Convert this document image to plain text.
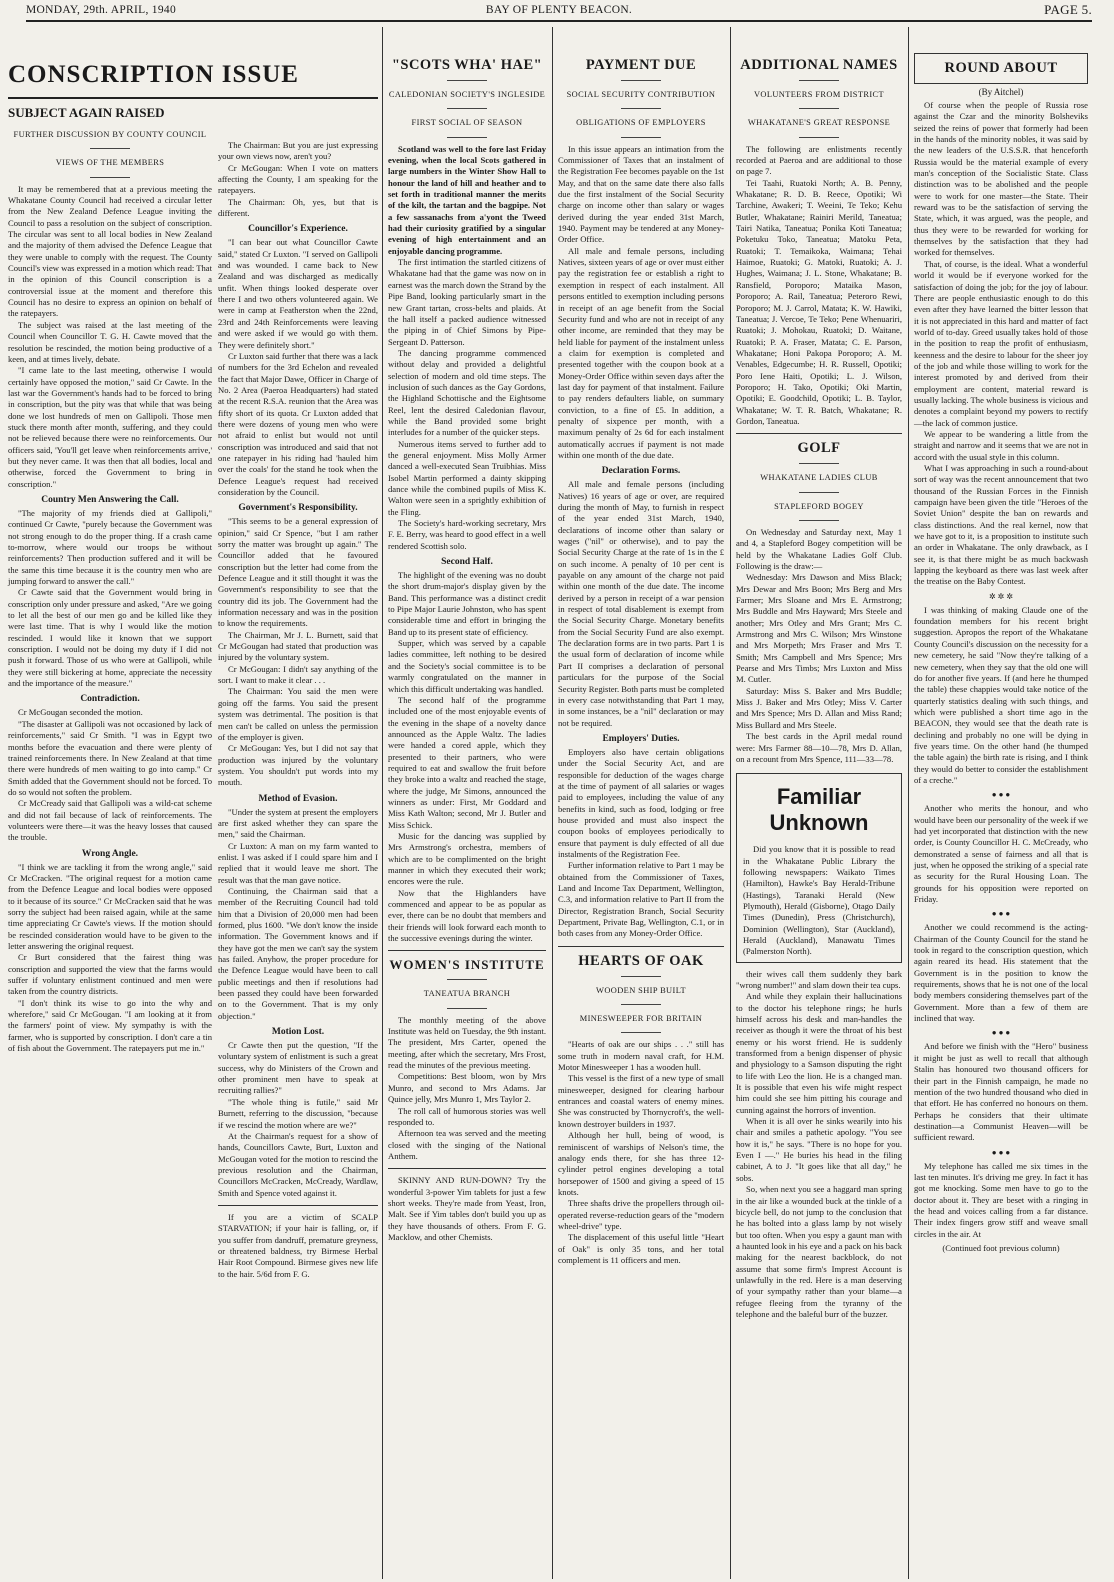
MONDAY, 29th. APRIL, 1940	BAY OF PLENTY BEACON.	PAGE 5.
CONSCRIPTION ISSUE
SUBJECT AGAIN RAISED
FURTHER DISCUSSION BY COUNTY COUNCIL
VIEWS OF THE MEMBERS

It may be remembered that at a previous meeting the Whakatane County Council had received a circular letter from the New Zealand Defence League inviting the Council to pass a resolution on the subject of conscription. The circular was sent to all local bodies in New Zealand and the majority of them advised the Defence League that they were unable to comply with the request. The County Council's view was expressed in a motion which read: That in the opinion of this Council conscription is a controversial issue at the moment and therefore this Council has no desire to express an opinion on behalf of the ratepayers.

The subject was raised at the last meeting of the Council when Councillor T. G. H. Cawte moved that the resolution be rescinded, the motion being productive of a keen, and at times lively, debate.

"I came late to the last meeting, otherwise I would certainly have opposed the motion," said Cr Cawte. In the last war the Government's hands had to be forced to bring in conscription, but the pity was that while that was being done we lost hundreds of men on Gallipoli. Those men stuck there month after month, suffering, and they could not be relieved because there were no reinforcements. Our officers said, 'You'll get leave when reinforcements arrive,' but they never came. It was then that all bodies, local and otherwise, forced the Government to bring in conscription."

Country Men Answering the Call.

"The majority of my friends died at Gallipoli," continued Cr Cawte, "purely because the Government was not strong enough to do the proper thing. If a crash came to-morrow, where would our troops be without reinforcements? Then production suffered and it will be the same this time because it is the country men who are jumping forward to answer the call."

Cr Cawte said that the Government would bring in conscription only under pressure and asked, "Are we going to let all the best of our men go and be killed like they were last time. That is why I would like the motion rescinded. I would like it known that we support conscription. I would not be doing my duty if I did not push it forward. Those of us who were at Gallipoli, while they were still bickering at home, appreciate the necessity and the importance of the measure."

Contradiction.

Cr McGougan seconded the motion.

"The disaster at Gallipoli was not occasioned by lack of reinforcements," said Cr Smith. "I was in Egypt two months before the evacuation and there were plenty of trained reinforcements there. In New Zealand at that time there were hundreds of men waiting to go into camp." Cr Smith added that the Government should not be forced. To do so would not soften the problem.

Cr McCready said that Gallipoli was a wild-cat scheme and did not fail because of lack of reinforcements. The volunteers were there—it was the heavy losses that caused the trouble.

Wrong Angle.

"I think we are tackling it from the wrong angle," said Cr McCracken. "The original request for a motion came from the Defence League and local bodies were opposed to it because of its source." Cr McCracken said that he was sorry the subject had been raised again, while at the same time appreciating Cr Cawte's views. If the motion should be rescinded consideration would have to be given to the letter answering the original request.

Cr Burt considered that the fairest thing was conscription and supported the view that the farms would suffer if voluntary enlistment continued and men were taken from the country districts.

"I don't think its wise to go into the why and wherefore," said Cr McGougan. "I am looking at it from the farmers' point of view. My sympathy is with the farmer, who is supported by conscription. I don't care a tin of fish about the Government. The ratepayers put me in."

The Chairman: But you are just expressing your own views now, aren't you?

Cr McGougan: When I vote on matters affecting the County, I am speaking for the ratepayers.

The Chairman: Oh, yes, but that is different.

Councillor's Experience.

"I can bear out what Councillor Cawte said," stated Cr Luxton. "I served on Gallipoli and was wounded. I came back to New Zealand and was discharged as medically unfit. When things looked desperate over there I and two others volunteered again. We were in camp at Featherston when the 22nd, 23rd and 24th Reinforcements were leaving and were asked if we would go with them. They were definitely short."

Cr Luxton said further that there was a lack of numbers for the 3rd Echelon and revealed the fact that Major Dawe, Officer in Charge of No. 2 Area (Paeroa Headquarters) had stated at the recent R.S.A. reunion that the Area was fifty short of its quota. Cr Luxton added that there were dozens of young men who were not afraid to enlist but would not until conscription was introduced and said that not one ratepayer in his riding had 'hauled him over the coals' for the stand he took when the Defence League's request had received consideration by the Council.

Government's Responsibility.

"This seems to be a general expression of opinion," said Cr Spence, "but I am rather sorry the matter was brought up again." The Councillor added that he favoured conscription but the letter had come from the Defence League and it still thought it was the Government's responsibility to see that the country did its job. The Government had the information necessary and was in the position to know the requirements.

The Chairman, Mr J. L. Burnett, said that Cr McGougan had stated that production was injured by the voluntary system.

Cr McGougan: I didn't say anything of the sort. I want to make it clear . . .

The Chairman: You said the men were going off the farms. You said the present system was detrimental. The position is that men can't be called on unless the permission of the employer is given.

Cr McGougan: Yes, but I did not say that production was injured by the voluntary system. You shouldn't put words into my mouth.

Method of Evasion.

"Under the system at present the employers are first asked whether they can spare the men," said the Chairman.

Cr Luxton: A man on my farm wanted to enlist. I was asked if I could spare him and I replied that it would leave me short. The result was that the man gave notice.

Continuing, the Chairman said that a member of the Recruiting Council had told him that a Division of 20,000 men had been formed, plus 1600. "We don't know the inside information. The Government knows and if they have got the men we can't say the system has failed. Anyhow, the proper procedure for the Defence League would have been to call public meetings and then if resolutions had been passed they could have been forwarded on to the Government. That is my only objection."

Motion Lost.

Cr Cawte then put the question, "If the voluntary system of enlistment is such a great success, why do Ministers of the Crown and other prominent men have to speak at recruiting rallies?"

"The whole thing is futile," said Mr Burnett, referring to the discussion, "because if we rescind the motion where are we?"

At the Chairman's request for a show of hands, Councillors Cawte, Burt, Luxton and McGougan voted for the motion to rescind the previous resolution and the Chairman, Councillors McCracken, McCready, Wardlaw, Smith and Spence voted against it.

If you are a victim of SCALP STARVATION; if your hair is falling, or, if you suffer from dandruff, premature greyness, or threatened baldness, try Birmese Herbal Hair Root Compound. Birmese gives new life to the hair. 5/6d from F. G.

"SCOTS WHA' HAE"
CALEDONIAN SOCIETY'S INGLESIDE
FIRST SOCIAL OF SEASON

Scotland was well to the fore last Friday evening, when the local Scots gathered in large numbers in the Winter Show Hall to honour the land of hill and heather and to set forth in traditional manner the merits of the kilt, the tartan and the bagpipe. Not a few sassanachs from a'yont the Tweed had their curiosity gratified by a singular evening of high entertainment and an enjoyable dancing programme.

The first intimation the startled citizens of Whakatane had that the game was now on in earnest was the march down the Strand by the Pipe Band, looking particularly smart in the new Grant tartan, cross-belts and plaids. At the hall itself a packed audience witnessed the piping in of Chief Simons by Pipe-Sergeant D. Patterson.

The dancing programme commenced without delay and provided a delightful selection of modern and old time steps. The inclusion of such dances as the Gay Gordons, the Highland Schottische and the Eightsome Reel, lent the desired Caledonian flavour, while the Band provided some bright interludes for a number of the quicker steps.

Numerous items served to further add to the general enjoyment. Miss Molly Armer danced a well-executed Sean Truibhias. Miss Isobel Martin performed a dainty skipping dance while the combined pupils of Miss K. Walton were seen in a sprightly exhibition of the Fling.

The Society's hard-working secretary, Mrs F. E. Berry, was heard to good effect in a well rendered Scottish solo.

Second Half.

The highlight of the evening was no doubt the short drum-major's display given by the Band. This performance was a distinct credit to Pipe Major Laurie Johnston, who has spent considerable time and effort in bringing the Band up to its present state of efficiency.

Supper, which was served by a capable ladies committee, left nothing to be desired and the Society's social committee is to be warmly congratulated on the manner in which this difficult undertaking was handled.

The second half of the programme included one of the most enjoyable events of the evening in the shape of a novelty dance announced as the Apple Waltz. The ladies were handed a cored apple, which they presented to their partners, who were required to eat and swallow the fruit before they broke into a waltz and reached the stage, where the judge, Mr Simons, announced the winners as under: First, Mr Goddard and Miss Kath Walton; second, Mr J. Butler and Miss Schick.

Music for the dancing was supplied by Mrs Armstrong's orchestra, members of which are to be complimented on the bright manner in which they executed their work; encores were the rule.

Now that the Highlanders have commenced and appear to be as popular as ever, there can be no doubt that members and their friends will look forward each month to the successive evenings during the winter.

WOMEN'S INSTITUTE
TANEATUA BRANCH

The monthly meeting of the above Institute was held on Tuesday, the 9th instant. The president, Mrs Carter, opened the meeting, after which the secretary, Mrs Frost, read the minutes of the previous meeting.

Competitions: Best bloom, won by Mrs Munro, and second to Mrs Adams. Jar Quince jelly, Mrs Munro 1, Mrs Taylor 2.

The roll call of humorous stories was well responded to.

Afternoon tea was served and the meeting closed with the singing of the National Anthem.

SKINNY AND RUN-DOWN? Try the wonderful 3-power Yim tablets for just a few short weeks. They're made from Yeast, Iron, Malt. See if Yim tables don't build you up as they have thousands of others. From F. G. Macklow, and other Chemists.

PAYMENT DUE
SOCIAL SECURITY CONTRIBUTION
OBLIGATIONS OF EMPLOYERS

In this issue appears an intimation from the Commissioner of Taxes that an instalment of the Registration Fee becomes payable on the 1st May, and that on the same date there also falls due the first instalment of the Social Security charge on income other than salary or wages derived during the year ended 31st March, 1940. Payment may be tendered at any Money-Order Office.

All male and female persons, including Natives, sixteen years of age or over must either pay the registration fee or establish a right to exemption in respect of each instalment. All persons entitled to exemption including persons in receipt of an age benefit from the Social Security fund and who are not in receipt of any other income, are reminded that they may be held liable for payment of the instalment unless a claim for exemption is completed and presented together with the coupon book at a Money-Order Office within seven days after the last day for payment of that instalment. Failure to pay renders defaulters liable, on summary conviction, to a fine of £5. In addition, a penalty of sixpence per month, with a maximum penalty of 2s 6d for each instalment automatically accrues if payment is not made within one month of the due date.

Declaration Forms.

All male and female persons (including Natives) 16 years of age or over, are required during the month of May, to furnish in respect of the year ended 31st March, 1940, declarations of income other than salary or wages ("nil" or otherwise), and to pay the Social Security Charge at the rate of 1s in the £ on such income. A penalty of 10 per cent is payable on any amount of the charge not paid within one month of the due date. The income derived by a person in receipt of a war pension in respect of total disablement is exempt from the Social Security Charge. Monetary benefits from the Social Security Fund are also exempt. The declaration forms are in two parts. Part 1 is the usual form of declaration of income while Part II comprises a declaration of personal particulars for the purpose of the Social Security Register. Both parts must be completed in every case notwithstanding that Part 1 may, in some instances, be a "nil" declaration or may not be required.

Employers' Duties.

Employers also have certain obligations under the Social Security Act, and are responsible for deduction of the wages charge at the time of payment of all salaries or wages paid to employees, including the value of any benefits in kind, such as food, lodging or free house provided and must also inspect the coupon books of employees periodically to ensure that payment is duly effected of all due instalments of the Registration Fee.

Further information relative to Part 1 may be obtained from the Commissioner of Taxes, Land and Income Tax Department, Wellington, C.3, and information relative to Part II from the Director, Registration Branch, Social Security Department, Private Bag, Wellington, C.1, or in both cases from any Money-Order Office.

HEARTS OF OAK
WOODEN SHIP BUILT
MINESWEEPER FOR BRITAIN

"Hearts of oak are our ships . . ." still has some truth in modern naval craft, for H.M. Motor Minesweeper 1 has a wooden hull.

This vessel is the first of a new type of small minesweeper, designed for clearing harbour entrances and coastal waters of enemy mines. She was constructed by Thornycroft's, the well-known destroyer builders in 1937.

Although her hull, being of wood, is reminiscent of warships of Nelson's time, the analogy ends there, for she has three 12-cylinder petrol engines developing a total horsepower of 1500 and giving a speed of 15 knots.

Three shafts drive the propellers through oil-operated reverse-reduction gears of the "modern wheel-drive" type.

The displacement of this useful little "Heart of Oak" is only 35 tons, and her total complement is 11 officers and men.

ADDITIONAL NAMES
VOLUNTEERS FROM DISTRICT
WHAKATANE'S GREAT RESPONSE

The following are enlistments recently recorded at Paeroa and are additional to those on page 7.

Tei Taahi, Ruatoki North; A. B. Penny, Whakatane; R. D. B. Reece, Opotiki; Wi Tarchine, Awakeri; T. Weeini, Te Teko; Kehu Butler, Whakatane; Rainiri Merild, Taneatua; Tairi Natika, Taneatua; Ponika Koti Taneatua; Poketuku Toko, Taneatua; Matoku Peta, Ruatoki; T. Temaikoka, Waimana; Tehai Haimoe, Ruatoki; G. Matoki, Ruatoki; A. J. Hughes, Waimana; J. L. Stone, Whakatane; B. Ransfield, Poroporo; Mataika Mason, Poroporo; A. Rail, Taneatua; Peteroro Rewi, Poroporo; M. J. Carrol, Matata; K. W. Hawiki, Taneatua; J. Vercoe, Te Teko; Pene Whenuariri, Ruatoki; J. Mohokau, Ruatoki; D. Waitane, Ruatoki; P. A. Fraser, Matata; C. E. Parson, Whakatane; Honi Pakopa Poroporo; A. M. Venables, Edgecumbe; H. R. Russell, Opotiki; Poro Iene Haiti, Opotiki; L. J. Wilson, Poroporo; H. Tako, Opotiki; Oki Martin, Opotiki; E. Goodchild, Opotiki; L. B. Taylor, Whakatane; W. T. R. Batch, Whakatane; R. Gordon, Taneatua.

GOLF
WHAKATANE LADIES CLUB
STAPLEFORD BOGEY

On Wednesday and Saturday next, May 1 and 4, a Stapleford Bogey competition will be held by the Whakatane Ladies Golf Club. Following is the draw:—

Wednesday: Mrs Dawson and Miss Black; Mrs Dewar and Mrs Boon; Mrs Berg and Mrs Farmer; Mrs Sloane and Mrs E. Armstrong; Mrs Buddle and Mrs Hayward; Mrs Steele and another; Mrs Otley and Mrs Grant; Mrs C. Armstrong and Mrs C. Wilson; Mrs Winstone and Mrs Morpeth; Mrs Fraser and Mrs T. Smith; Mrs Campbell and Mrs Spence; Mrs Pearse and Mrs Timbs; Mrs Luxton and Miss M. Cutler.

Saturday: Miss S. Baker and Mrs Buddle; Miss J. Baker and Mrs Otley; Miss V. Carter and Mrs Spence; Mrs D. Allan and Miss Rand; Miss Bullard and Mrs Steele.

The best cards in the April medal round were: Mrs Farmer 88—10—78, Mrs D. Allan, on a recount from Mrs Spence, 111—33—78.

Familiar Unknown

Did you know that it is possible to read in the Whakatane Public Library the following newspapers: Waikato Times (Hamilton), Hawke's Bay Herald-Tribune (Hastings), Taranaki Herald (New Plymouth), Herald (Gisborne), Otago Daily Times (Dunedin), Press (Christchurch), Dominion (Wellington), Star (Auckland), Herald (Auckland), Manawatu Times (Palmerston North).

their wives call them suddenly they bark "wrong number!" and slam down their tea cups.

And while they explain their hallucinations to the doctor his telephone rings; he hurls himself across his desk and man-handles the receiver as though it were the throat of his best enemy or his worst friend. He is suddenly transformed from a benign dispenser of physic and physiology to a Samson disputing the right to life with Leo the lion. He is a changed man. It is possible that even his wife might respect him could she see him pitting his courage and cunning against the horrors of invention.

When it is all over he sinks wearily into his chair and smiles a pathetic apology. "You see how it is," he says. "There is no hope for you. Even I —." He buries his head in the filing cabinet, A to J. "It goes like that all day," he sobs.

So, when next you see a haggard man spring in the air like a wounded buck at the tinkle of a bicycle bell, do not jump to the conclusion that he has bolted into a glass lamp by not wisely but too often. When you espy a gaunt man with a haunted look in his eye and a pack on his back making for the nearest backblock, do not assume that some firm's Imprest Account is unlawfully in the red. Here is a man deserving of your sympathy rather than your blame—a refugee fleeing from the tyranny of the telephone and the baleful burr of the buzzer.

ROUND ABOUT
(By Aitchel)

Of course when the people of Russia rose against the Czar and the minority Bolsheviks seized the reins of power that formerly had been in the hands of the minority nobles, it was said by the new leaders of the U.S.S.R. that henceforth Russia would be the material example of every man's conception of the Socialistic State. Class distinction was to be abolished and the people were to work for one master—the State. Their reward was to be the satisfaction of serving the State, which, it was argued, was the people, and thus they were to be rewarded for working for themselves by the satisfaction that they had worked for themselves.

That, of course, is the ideal. What a wonderful world it would be if everyone worked for the satisfaction of doing the job; for the joy of labour. There are people enthusiastic enough to do this even after they have learned the bitter lesson that it is not appreciated in this hard and matter of fact world of to-day. Greed usually takes hold of those in the position to reap the profit of enthusiasm, keenness and the desire to labour for the sheer joy of the job and while those willing to work for the interest promoted by and derived from their employment are content, material reward is usually lacking. The whole business is vicious and denotes a complaint beyond my powers to rectify—the lack of common justice.

We appear to be wandering a little from the straight and narrow and it seems that we are not in accord with the usual style in this column.

What I was approaching in such a round-about sort of way was the recent announcement that two thousand of the Russian Forces in the Finnish campaign have been given the title "Heroes of the Soviet Union" despite the ban on rewards and class distinctions. And the real kernel, now that we have got to it, is a proposition to institute such an order in Whakatane. The only drawback, as I see it, is that there might be as much backwash lapping the keyboard as there was last week after the treatise on the Baby Contest.

✲ ✲ ✲

I was thinking of making Claude one of the foundation members for his recent bright suggestion. Apropos the report of the Whakatane County Council's discussion on the necessity for a new cemetery, he said "Now they're talking of a new cemetery, when they say that the old one will do for another five years. If (and here he thumped the table) these chappies would take notice of the quarterly statistics dealing with such things, and which were published a short time ago in the BEACON, they would see that the death rate is declining and probably no one will be dying in five years time. On the other hand (he thumped the table again) the birth rate is rising, and I think they would do better to consider the establishment of a creche."

● ● ●

Another who merits the honour, and who would have been our personality of the week if we had yet incorporated that distinction with the new order, is County Councillor H. C. McCready, who demonstrated a sense of fairness and all that is just, when he opposed the striking of a special rate as security for the Rural Housing Loan. The grounds for his opposition were reported on Friday.

● ● ●

Another we could recommend is the acting-Chairman of the County Council for the stand he took in regard to the conscription question, which again reared its head. His statement that the Government is in the position to know the requirements, shows that he is not one of the local body members considering themselves part of the Government. More than a few of them are inclined that way.

● ● ●

And before we finish with the "Hero" business it might be just as well to recall that although Stalin has honoured two thousand officers for their part in the Finnish campaign, he made no mention of the two hundred thousand who died in that effort. He has conferred no honours on them. Perhaps he considers that their ultimate destination—a Communist Heaven—will be sufficient reward.

● ● ●

My telephone has called me six times in the last ten minutes. It's driving me grey. In fact it has got me knocking. Some men have to go to the doctor about it. They are beset with a ringing in the head and voices calling from a far distance. Their index fingers grow stiff and weave small circles in the air. At

(Continued foot previous column)
